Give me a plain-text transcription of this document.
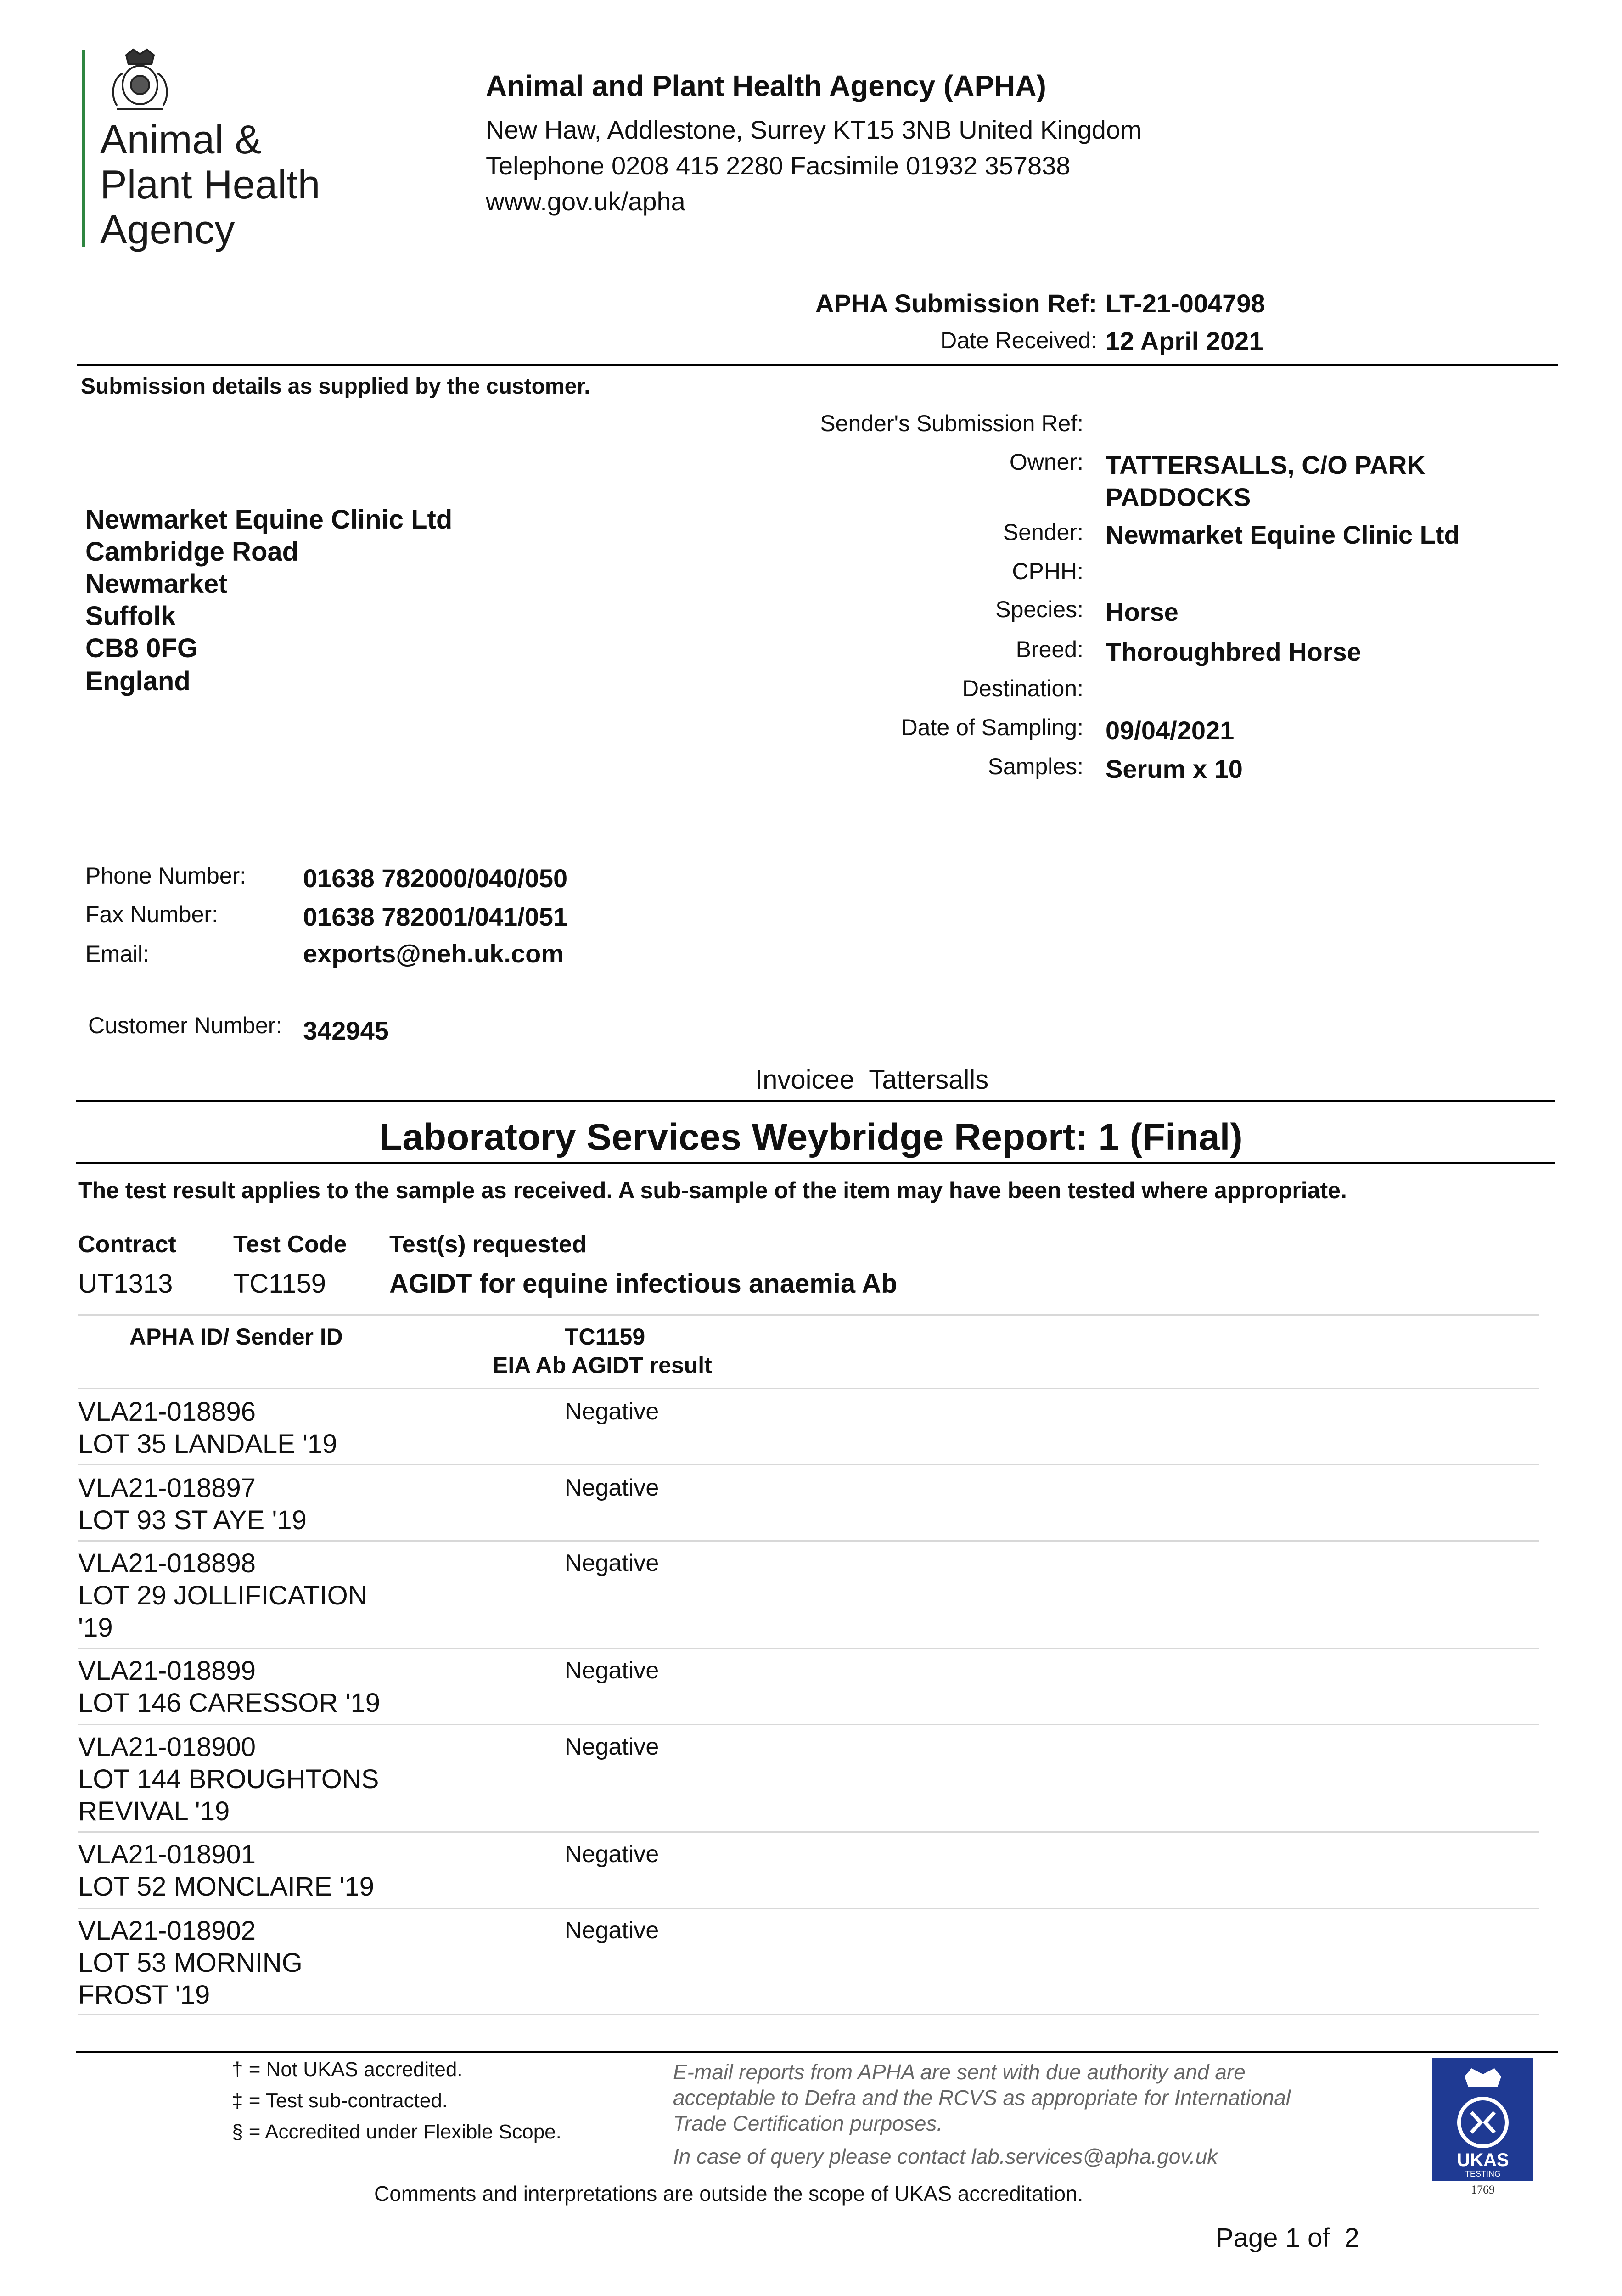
Animal &
Plant Health
Agency
Animal and Plant Health Agency (APHA)
New Haw, Addlestone, Surrey KT15 3NB United Kingdom
Telephone 0208 415 2280 Facsimile 01932 357838
www.gov.uk/apha
APHA Submission Ref: LT-21-004798
Date Received: 12 April 2021
Submission details as supplied by the customer.
Newmarket Equine Clinic Ltd
Cambridge Road
Newmarket
Suffolk
CB8 0FG
England
Sender's Submission Ref:
Owner: TATTERSALLS, C/O PARK
PADDOCKS
Sender: Newmarket Equine Clinic Ltd
CPHH:
Species: Horse
Breed: Thoroughbred Horse
Destination:
Date of Sampling: 09/04/2021
Samples: Serum x 10
Phone Number: 01638 782000/040/050
Fax Number:	01638 782001/041/051
Email:	exports@neh.uk.com
Customer Number: 342945
Invoicee Tattersalls
Laboratory Services Weybridge Report: 1 (Final)
The test result applies to the sample as received. A sub-sample of the item may have been tested where appropriate.
Contract Test Code Test(s) requested
UT1313 TC1159 AGIDT for equine infectious anaemia Ab
APHA ID/ Sender ID	TC1159
EIA Ab AGIDT result
VLA21-018896
LOT 35 LANDALE '19
Negative
VLA21-018897
LOT 93 ST AYE '19
Negative
VLA21-018898
LOT 29 JOLLIFICATION
'19
Negative
VLA21-018899
LOT 146 CARESSOR '19
Negative
VLA21-018900
LOT 144 BROUGHTONS
REVIVAL '19
Negative
VLA21-018901
LOT 52 MONCLAIRE '19
Negative
VLA21-018902
LOT 53 MORNING
FROST '19
Negative
† = Not UKAS accredited.
‡ = Test sub-contracted.
§ = Accredited under Flexible Scope.
E-mail reports from APHA are sent with due authority and are
acceptable to Defra and the RCVS as appropriate for International
Trade Certification purposes.
In case of query please contact lab.services@apha.gov.uk
Comments and interpretations are outside the scope of UKAS accreditation.
UKAS
TESTING
1769
Page 1 of  2
